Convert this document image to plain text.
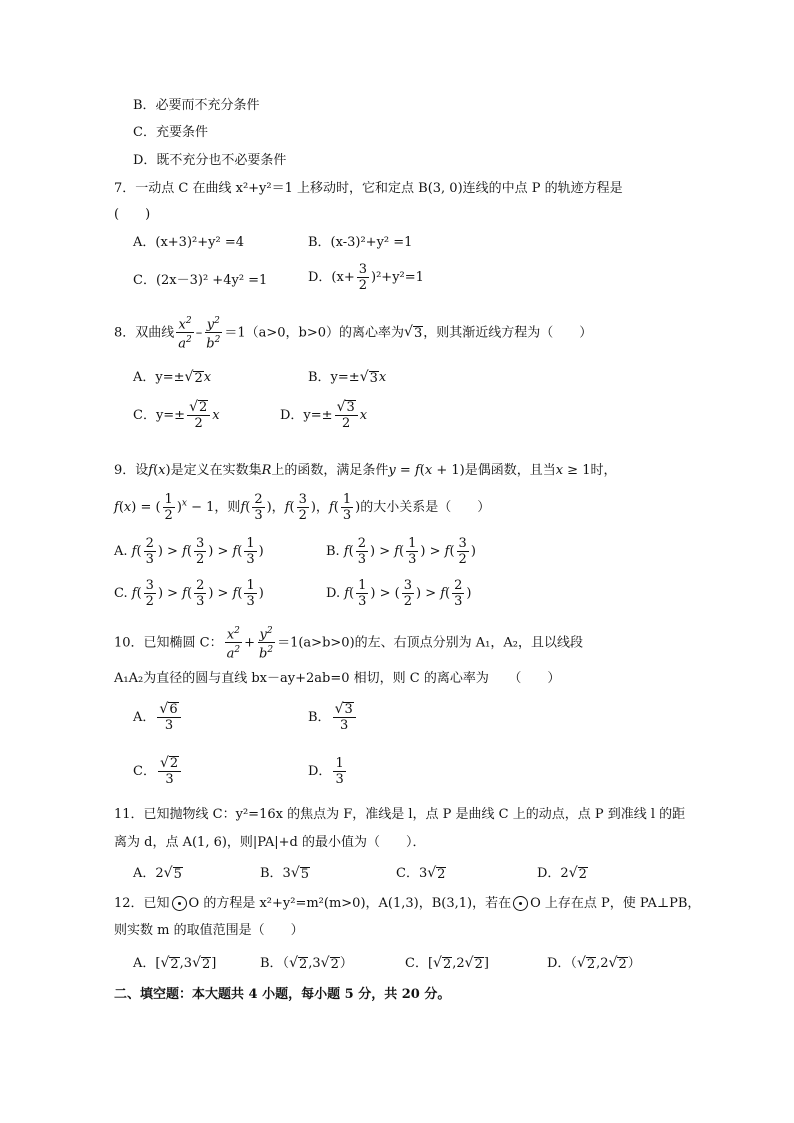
B．必要而不充分条件
C．充要条件
D．既不充分也不必要条件
7．一动点 C 在曲线 x²+y²＝1 上移动时，它和定点 B(3, 0)连线的中点 P 的轨迹方程是
(　　)
A．(x+3)²+y² =4	B．(x-3)²+y² =1
C．(2x－3)² +4y² =1	D．$(x+ \frac{3}{2} )^2+y^2=1$
8．双曲线 $\frac{x^2}{a^2} - \frac{y^2}{b^2} =1(a>0$，b>0）的离心率为 √ 3 ，则其渐近线方程为（　　）
A．y=± √ 2 x	B．y=± √ 3 x
C．$y=\pm \frac{√ 2}{2}$ x	D．$y=\pm \frac{√ 3}{2}$ x
9．设f(x)是定义在实数集R上的函数，满足条件y = f(x + 1)是偶函数，且当x ≥ 1时，
f(x) = ( $\frac{1}{2} )^x - 1$，则$f( \frac{2}{3}$ )，$f( \frac{3}{2}$ )，$f( \frac{1}{3}$ )的大小关系是（　　）
A. $f( \frac{2}{3}$ ) > $f( \frac{3}{2}$ ) > $f( \frac{1}{3}$ )	B. $f( \frac{2}{3}$ ) > $f( \frac{1}{3}$ ) > $f( \frac{3}{2}$ )
C. $f( \frac{3}{2}$ ) > $f( \frac{2}{3}$ ) > $f( \frac{1}{3}$ )	D. $f( \frac{1}{3}$ ) > ( $\frac{3}{2}$ ) > $f( \frac{2}{3}$ )
10．已知椭圆 C： $\frac{x^2}{a^2} + \frac{y^2}{b^2} =1(a>b>0)$的左、右顶点分别为 A₁，A₂，且以线段
A₁A₂为直径的圆与直线 bx－ay+2ab=0 相切，则 C 的离心率为　　（　　）
A． $\frac{√ 6}{3}$	B． $\frac{√ 3}{3}$
C． $\frac{√ 2}{3}$	D． $\frac{1}{3}$
11．已知抛物线 C：y²=16x 的焦点为 F，准线是 l，点 P 是曲线 C 上的动点，点 P 到准线 l 的距
离为 d，点 A(1, 6)，则|PA|+d 的最小值为（　　）．
A．2 √ 5	B．3 √ 5	C．3 √ 2	D．2 √ 2
12．已知 O 的方程是 x²+y²=m²(m>0)，A(1,3)，B(3,1)，若在 O 上存在点 P，使 PA⊥PB，
则实数 m 的取值范围是（　　）
A．[ √ 2 ,3 √ 2 ]	B．（ √ 2 ,3 √ 2 ）	C．[ √ 2 ,2 √ 2 ]	D．（ √ 2 ,2 √ 2 ）
二、填空题：本大题共 4 小题，每小题 5 分，共 20 分。
